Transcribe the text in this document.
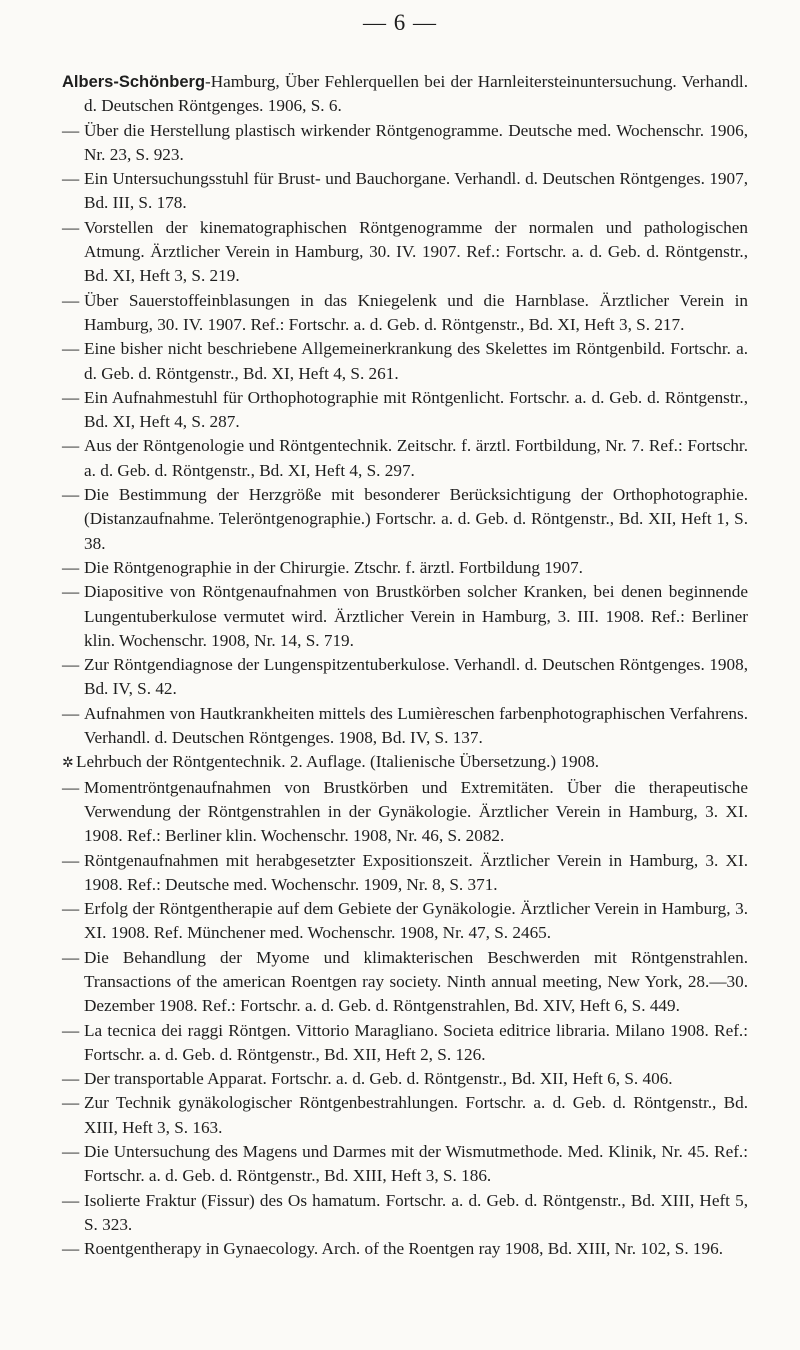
— 6 —

Albers-Schönberg-Hamburg, Über Fehlerquellen bei der Harnleitersteinuntersuchung. Verhandl. d. Deutschen Röntgenges. 1906, S. 6.

— Über die Herstellung plastisch wirkender Röntgenogramme. Deutsche med. Wochenschr. 1906, Nr. 23, S. 923.

— Ein Untersuchungsstuhl für Brust- und Bauchorgane. Verhandl. d. Deutschen Röntgenges. 1907, Bd. III, S. 178.

— Vorstellen der kinematographischen Röntgenogramme der normalen und pathologischen Atmung. Ärztlicher Verein in Hamburg, 30. IV. 1907. Ref.: Fortschr. a. d. Geb. d. Röntgenstr., Bd. XI, Heft 3, S. 219.

— Über Sauerstoffeinblasungen in das Kniegelenk und die Harnblase. Ärztlicher Verein in Hamburg, 30. IV. 1907. Ref.: Fortschr. a. d. Geb. d. Röntgenstr., Bd. XI, Heft 3, S. 217.

— Eine bisher nicht beschriebene Allgemeinerkrankung des Skelettes im Röntgenbild. Fortschr. a. d. Geb. d. Röntgenstr., Bd. XI, Heft 4, S. 261.

— Ein Aufnahmestuhl für Orthophotographie mit Röntgenlicht. Fortschr. a. d. Geb. d. Röntgenstr., Bd. XI, Heft 4, S. 287.

— Aus der Röntgenologie und Röntgentechnik. Zeitschr. f. ärztl. Fortbildung, Nr. 7. Ref.: Fortschr. a. d. Geb. d. Röntgenstr., Bd. XI, Heft 4, S. 297.

— Die Bestimmung der Herzgröße mit besonderer Berücksichtigung der Orthophotographie. (Distanzaufnahme. Teleröntgenographie.) Fortschr. a. d. Geb. d. Röntgenstr., Bd. XII, Heft 1, S. 38.

— Die Röntgenographie in der Chirurgie. Ztschr. f. ärztl. Fortbildung 1907.

— Diapositive von Röntgenaufnahmen von Brustkörben solcher Kranken, bei denen beginnende Lungentuberkulose vermutet wird. Ärztlicher Verein in Hamburg, 3. III. 1908. Ref.: Berliner klin. Wochenschr. 1908, Nr. 14, S. 719.

— Zur Röntgendiagnose der Lungenspitzentuberkulose. Verhandl. d. Deutschen Röntgenges. 1908, Bd. IV, S. 42.

— Aufnahmen von Hautkrankheiten mittels des Lumièreschen farbenphotographischen Verfahrens. Verhandl. d. Deutschen Röntgenges. 1908, Bd. IV, S. 137.

✲ Lehrbuch der Röntgentechnik. 2. Auflage. (Italienische Übersetzung.) 1908.

— Momentröntgenaufnahmen von Brustkörben und Extremitäten. Über die therapeutische Verwendung der Röntgenstrahlen in der Gynäkologie. Ärztlicher Verein in Hamburg, 3. XI. 1908. Ref.: Berliner klin. Wochenschr. 1908, Nr. 46, S. 2082.

— Röntgenaufnahmen mit herabgesetzter Expositionszeit. Ärztlicher Verein in Hamburg, 3. XI. 1908. Ref.: Deutsche med. Wochenschr. 1909, Nr. 8, S. 371.

— Erfolg der Röntgentherapie auf dem Gebiete der Gynäkologie. Ärztlicher Verein in Hamburg, 3. XI. 1908. Ref. Münchener med. Wochenschr. 1908, Nr. 47, S. 2465.

— Die Behandlung der Myome und klimakterischen Beschwerden mit Röntgenstrahlen. Transactions of the american Roentgen ray society. Ninth annual meeting, New York, 28.—30. Dezember 1908. Ref.: Fortschr. a. d. Geb. d. Röntgenstrahlen, Bd. XIV, Heft 6, S. 449.

— La tecnica dei raggi Röntgen. Vittorio Maragliano. Societa editrice libraria. Milano 1908. Ref.: Fortschr. a. d. Geb. d. Röntgenstr., Bd. XII, Heft 2, S. 126.

— Der transportable Apparat. Fortschr. a. d. Geb. d. Röntgenstr., Bd. XII, Heft 6, S. 406.

— Zur Technik gynäkologischer Röntgenbestrahlungen. Fortschr. a. d. Geb. d. Röntgenstr., Bd. XIII, Heft 3, S. 163.

— Die Untersuchung des Magens und Darmes mit der Wismutmethode. Med. Klinik, Nr. 45. Ref.: Fortschr. a. d. Geb. d. Röntgenstr., Bd. XIII, Heft 3, S. 186.

— Isolierte Fraktur (Fissur) des Os hamatum. Fortschr. a. d. Geb. d. Röntgenstr., Bd. XIII, Heft 5, S. 323.

— Roentgentherapy in Gynaecology. Arch. of the Roentgen ray 1908, Bd. XIII, Nr. 102, S. 196.
